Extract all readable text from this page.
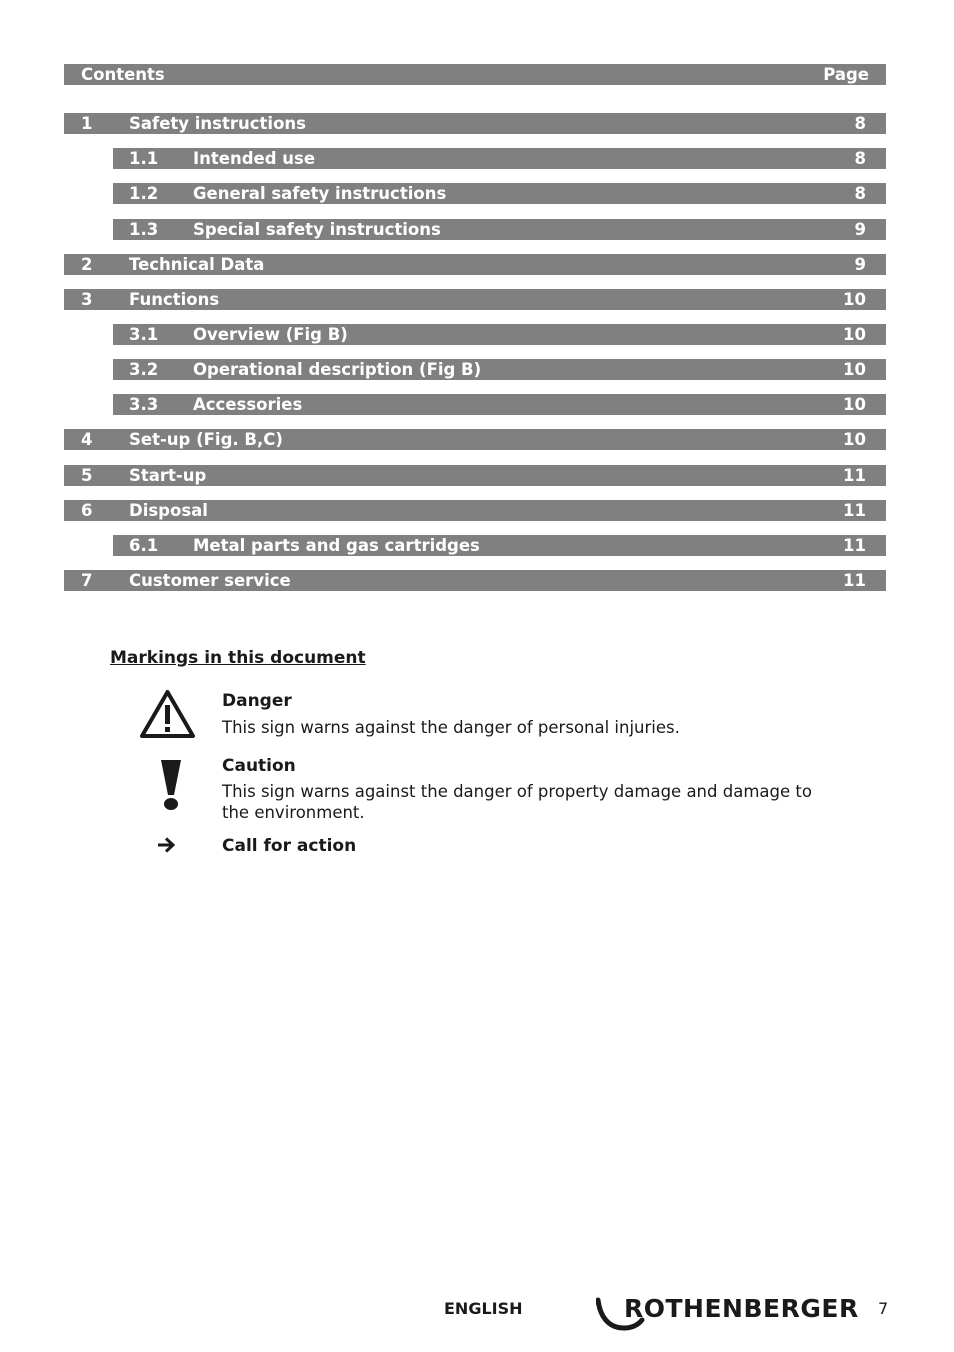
Contents	Page
1 Safety instructions	8
1.1 Intended use	8
1.2 General safety instructions	8
1.3 Special safety instructions	9
2 Technical Data	9
3 Functions	10
3.1 Overview (Fig B)	10
3.2 Operational description (Fig B)	10
3.3 Accessories	10
4 Set-up (Fig. B,C)	10
5 Start-up	11
6 Disposal	11
6.1 Metal parts and gas cartridges	11
7 Customer service	11
Markings in this document
Danger
This sign warns against the danger of personal injuries.
Caution
This sign warns against the danger of property damage and damage to the environment.
Call for action
ENGLISH	ROTHENBERGER 7
